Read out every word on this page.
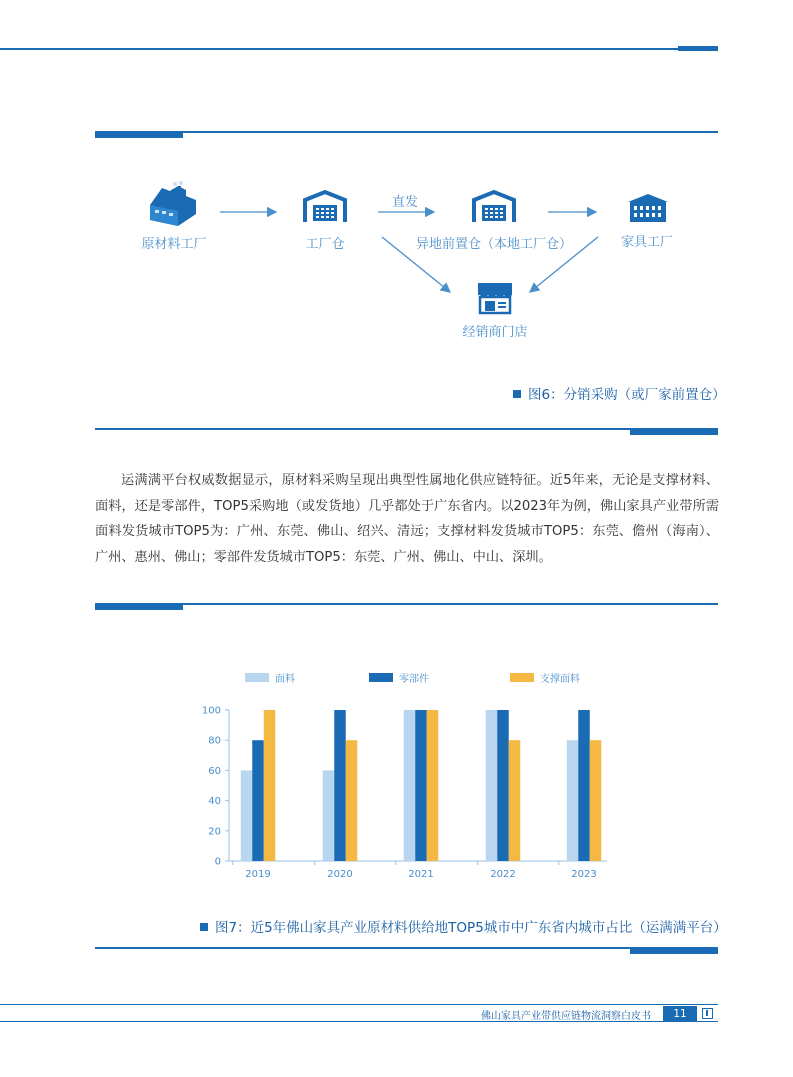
原材料工厂	工厂仓
直发
异地前置仓（本地工厂仓）	家具工厂
经销商门店
图6：分销采购（或厂家前置仓）
运满满平台权威数据显示，原材料采购呈现出典型性属地化供应链特征。近5年来，无论是支撑材料、面料，还是零部件，TOP5采购地（或发货地）几乎都处于广东省内。以2023年为例，佛山家具产业带所需面料发货城市TOP5为：广州、东莞、佛山、绍兴、清远；支撑材料发货城市TOP5：东莞、儋州（海南）、广州、惠州、佛山；零部件发货城市TOP5：东莞、广州、佛山、中山、深圳。
面料	零部件	支撑面料
0
20
40
60
80
100
2019	2020	2021	2022	2023
图7：近5年佛山家具产业原材料供给地TOP5城市中广东省内城市占比（运满满平台）
佛山家具产业带供应链物流洞察白皮书	11
